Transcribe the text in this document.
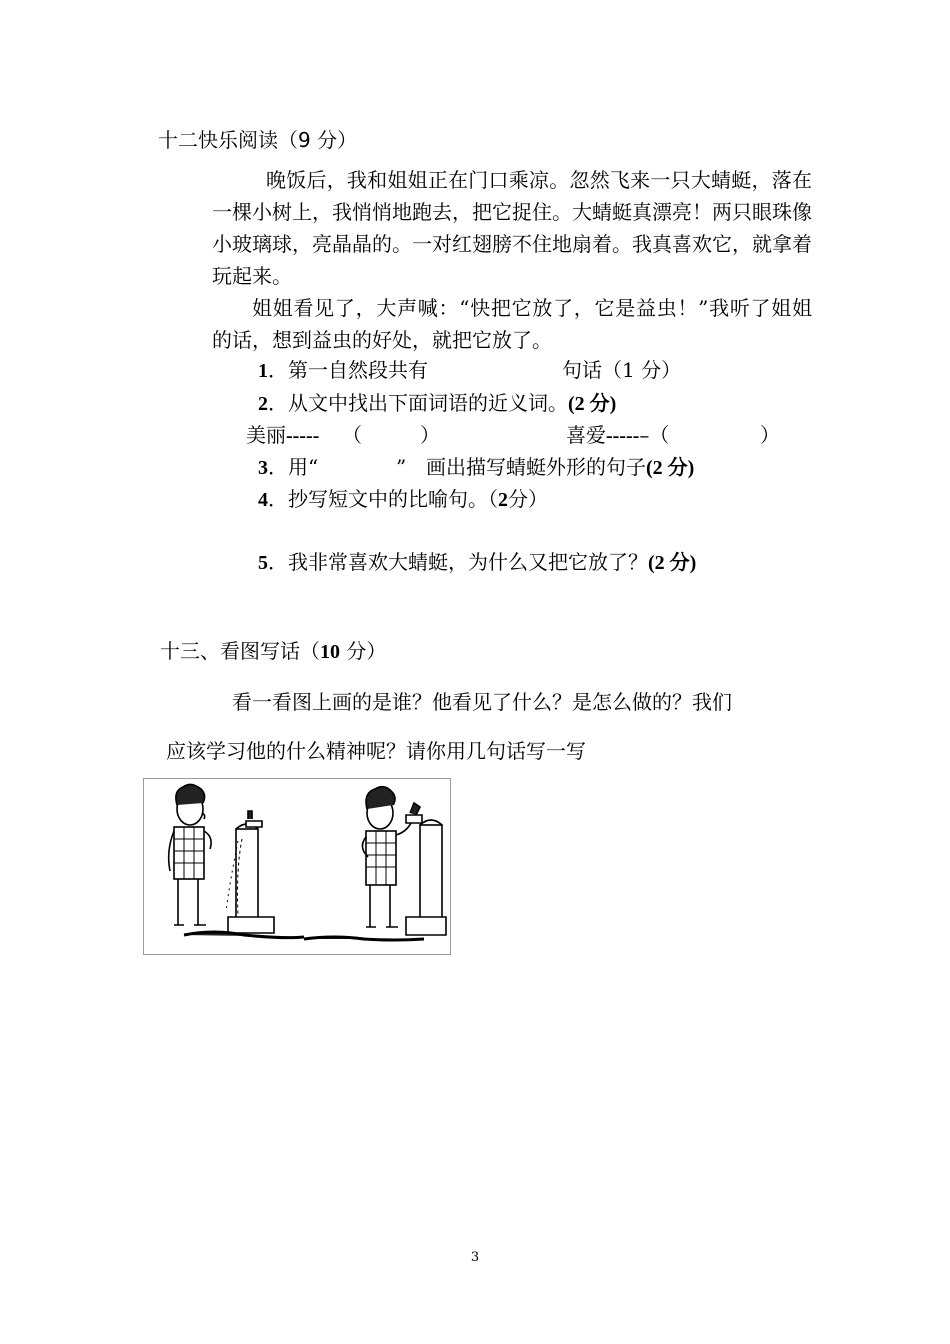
十二快乐阅读（9 分）

晚饭后，我和姐姐正在门口乘凉。忽然飞来一只大蜻蜓，落在一棵小树上，我悄悄地跑去，把它捉住。大蜻蜓真漂亮！两只眼珠像小玻璃球，亮晶晶的。一对红翅膀不住地扇着。我真喜欢它，就拿着玩起来。

姐姐看见了，大声喊：“快把它放了，它是益虫！”我听了姐姐的话，想到益虫的好处，就把它放了。

1．第一自然段共有	句话（1 分）
2．从文中找出下面词语的近义词。(2 分)
美丽----- （	）	喜爱-----–（	）
3．用“	” 画出描写蜻蜓外形的句子(2 分)
4．抄写短文中的比喻句。（2分）
5．我非常喜欢大蜻蜓，为什么又把它放了？(2 分)
十三、看图写话（10 分）
看一看图上画的是谁？他看见了什么？是怎么做的？我们
应该学习他的什么精神呢？请你用几句话写一写
3
